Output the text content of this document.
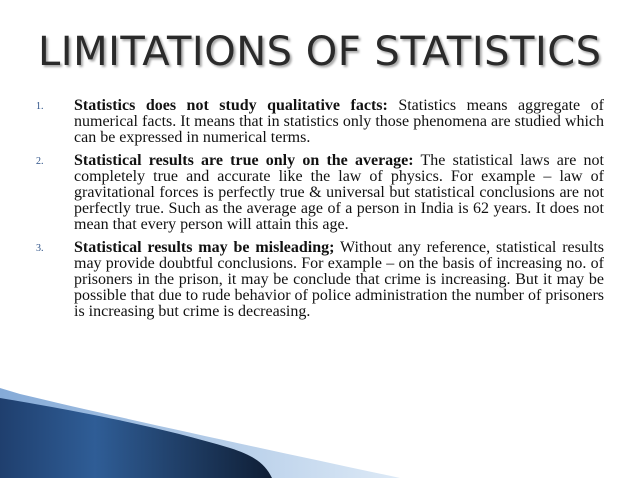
LIMITATIONS OF STATISTICS
1. Statistics does not study qualitative facts: Statistics means aggregate of numerical facts. It means that in statistics only those phenomena are studied which can be expressed in numerical terms.
2. Statistical results are true only on the average: The statistical laws are not completely true and accurate like the law of physics. For example – law of gravitational forces is perfectly true & universal but statistical conclusions are not perfectly true. Such as the average age of a person in India is 62 years. It does not mean that every person will attain this age.
3. Statistical results may be misleading; Without any reference, statistical results may provide doubtful conclusions. For example – on the basis of increasing no. of prisoners in the prison, it may be conclude that crime is increasing. But it may be possible that due to rude behavior of police administration the number of prisoners is increasing but crime is decreasing.
